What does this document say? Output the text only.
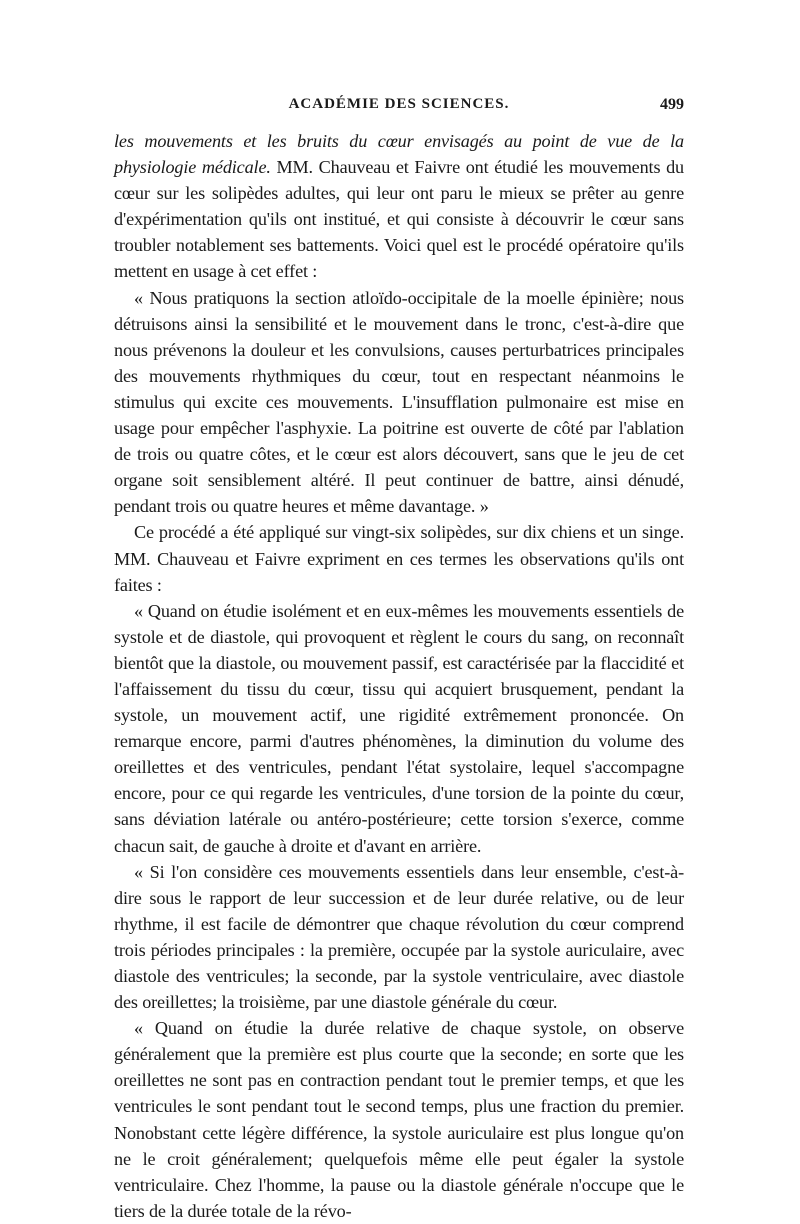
ACADÉMIE DES SCIENCES.	499

les mouvements et les bruits du cœur envisagés au point de vue de la physiologie médicale. MM. Chauveau et Faivre ont étudié les mouvements du cœur sur les solipèdes adultes, qui leur ont paru le mieux se prêter au genre d'expérimentation qu'ils ont institué, et qui consiste à découvrir le cœur sans troubler notablement ses battements. Voici quel est le procédé opératoire qu'ils mettent en usage à cet effet :

« Nous pratiquons la section atloïdo-occipitale de la moelle épinière; nous détruisons ainsi la sensibilité et le mouvement dans le tronc, c'est-à-dire que nous prévenons la douleur et les convulsions, causes perturbatrices principales des mouvements rhythmiques du cœur, tout en respectant néanmoins le stimulus qui excite ces mouvements. L'insufflation pulmonaire est mise en usage pour empêcher l'asphyxie. La poitrine est ouverte de côté par l'ablation de trois ou quatre côtes, et le cœur est alors découvert, sans que le jeu de cet organe soit sensiblement altéré. Il peut continuer de battre, ainsi dénudé, pendant trois ou quatre heures et même davantage. »

Ce procédé a été appliqué sur vingt-six solipèdes, sur dix chiens et un singe. MM. Chauveau et Faivre expriment en ces termes les observations qu'ils ont faites :

« Quand on étudie isolément et en eux-mêmes les mouvements essentiels de systole et de diastole, qui provoquent et règlent le cours du sang, on reconnaît bientôt que la diastole, ou mouvement passif, est caractérisée par la flaccidité et l'affaissement du tissu du cœur, tissu qui acquiert brusquement, pendant la systole, un mouvement actif, une rigidité extrêmement prononcée. On remarque encore, parmi d'autres phénomènes, la diminution du volume des oreillettes et des ventricules, pendant l'état systolaire, lequel s'accompagne encore, pour ce qui regarde les ventricules, d'une torsion de la pointe du cœur, sans déviation latérale ou antéro-postérieure; cette torsion s'exerce, comme chacun sait, de gauche à droite et d'avant en arrière.

« Si l'on considère ces mouvements essentiels dans leur ensemble, c'est-à-dire sous le rapport de leur succession et de leur durée relative, ou de leur rhythme, il est facile de démontrer que chaque révolution du cœur comprend trois périodes principales : la première, occupée par la systole auriculaire, avec diastole des ventricules; la seconde, par la systole ventriculaire, avec diastole des oreillettes; la troisième, par une diastole générale du cœur.

« Quand on étudie la durée relative de chaque systole, on observe généralement que la première est plus courte que la seconde; en sorte que les oreillettes ne sont pas en contraction pendant tout le premier temps, et que les ventricules le sont pendant tout le second temps, plus une fraction du premier. Nonobstant cette légère différence, la systole auriculaire est plus longue qu'on ne le croit généralement; quelquefois même elle peut égaler la systole ventriculaire. Chez l'homme, la pause ou la diastole générale n'occupe que le tiers de la durée totale de la révo-
